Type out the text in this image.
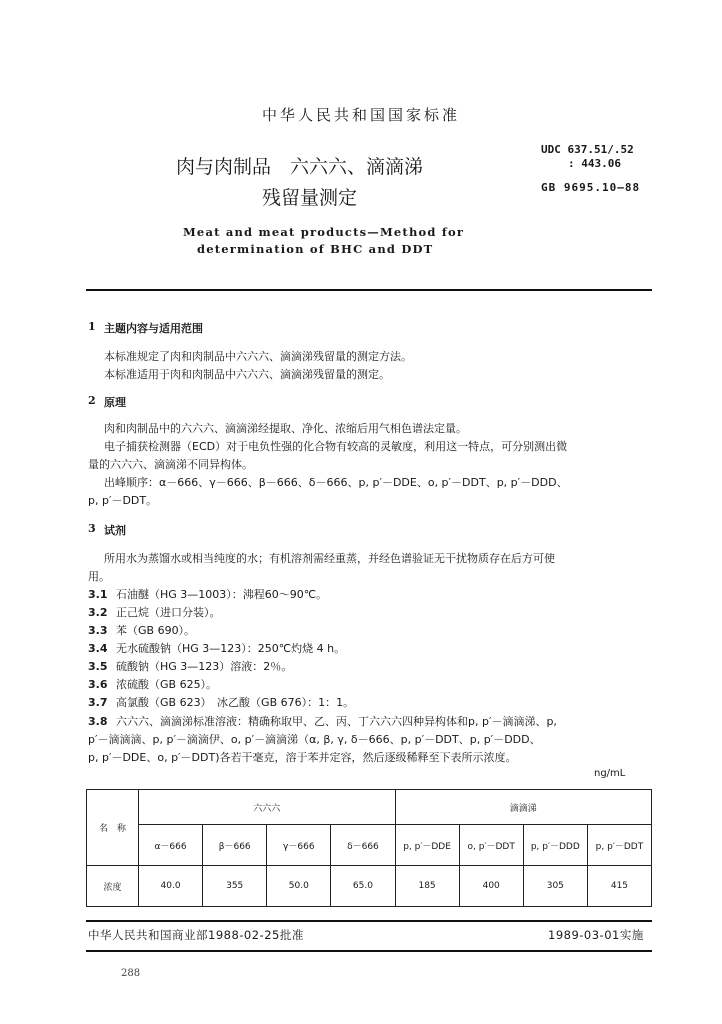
中华人民共和国国家标准
肉与肉制品　六六六、滴滴涕
残留量测定
UDC 637.51/.52
: 443.06
GB 9695.10—88
Meat and meat products—Method for
determination of BHC and DDT
1 主题内容与适用范围
本标准规定了肉和肉制品中六六六、滴滴涕残留量的测定方法。
本标准适用于肉和肉制品中六六六、滴滴涕残留量的测定。
2 原理
肉和肉制品中的六六六、滴滴涕经提取、净化、浓缩后用气相色谱法定量。
电子捕获检测器（ECD）对于电负性强的化合物有较高的灵敏度，利用这一特点，可分别测出微
量的六六六、滴滴涕不同异构体。
出峰顺序：α－666、γ－666、β－666、δ－666、p, p′－DDE、o, p′－DDT、p, p′－DDD、
p, p′－DDT。
3 试剂
所用水为蒸馏水或相当纯度的水；有机溶剂需经重蒸，并经色谱验证无干扰物质存在后方可使
用。
3.1 石油醚（HG 3—1003）：沸程60～90℃。
3.2 正己烷（进口分装）。
3.3 苯（GB 690）。
3.4 无水硫酸钠（HG 3—123）：250℃灼烧 4 h。
3.5 硫酸钠（HG 3—123）溶液：2％。
3.6 浓硫酸（GB 625）。
3.7 高氯酸（GB 623）　冰乙酸（GB 676）：1：1。
3.8 六六六、滴滴涕标准溶液：精确称取甲、乙、丙、丁六六六四种异构体和p, p′－滴滴涕、p,
p′－滴滴滴、p, p′－滴滴伊、o, p′－滴滴涕（α, β, γ, δ－666、p, p′－DDT、p, p′－DDD、
p, p′－DDE、o, p′－DDT)各若干毫克，溶于苯并定容，然后逐级稀释至下表所示浓度。
ng/mL
名　称	六六六				滴滴涕			
	α－666	β－666	γ－666	δ－666	p, p′－DDE	o, p′－DDT	p, p′－DDD	p, p′－DDT
浓度	40.0	355	50.0	65.0	185	400	305	415
中华人民共和国商业部1988-02-25批准	1989-03-01实施
288
